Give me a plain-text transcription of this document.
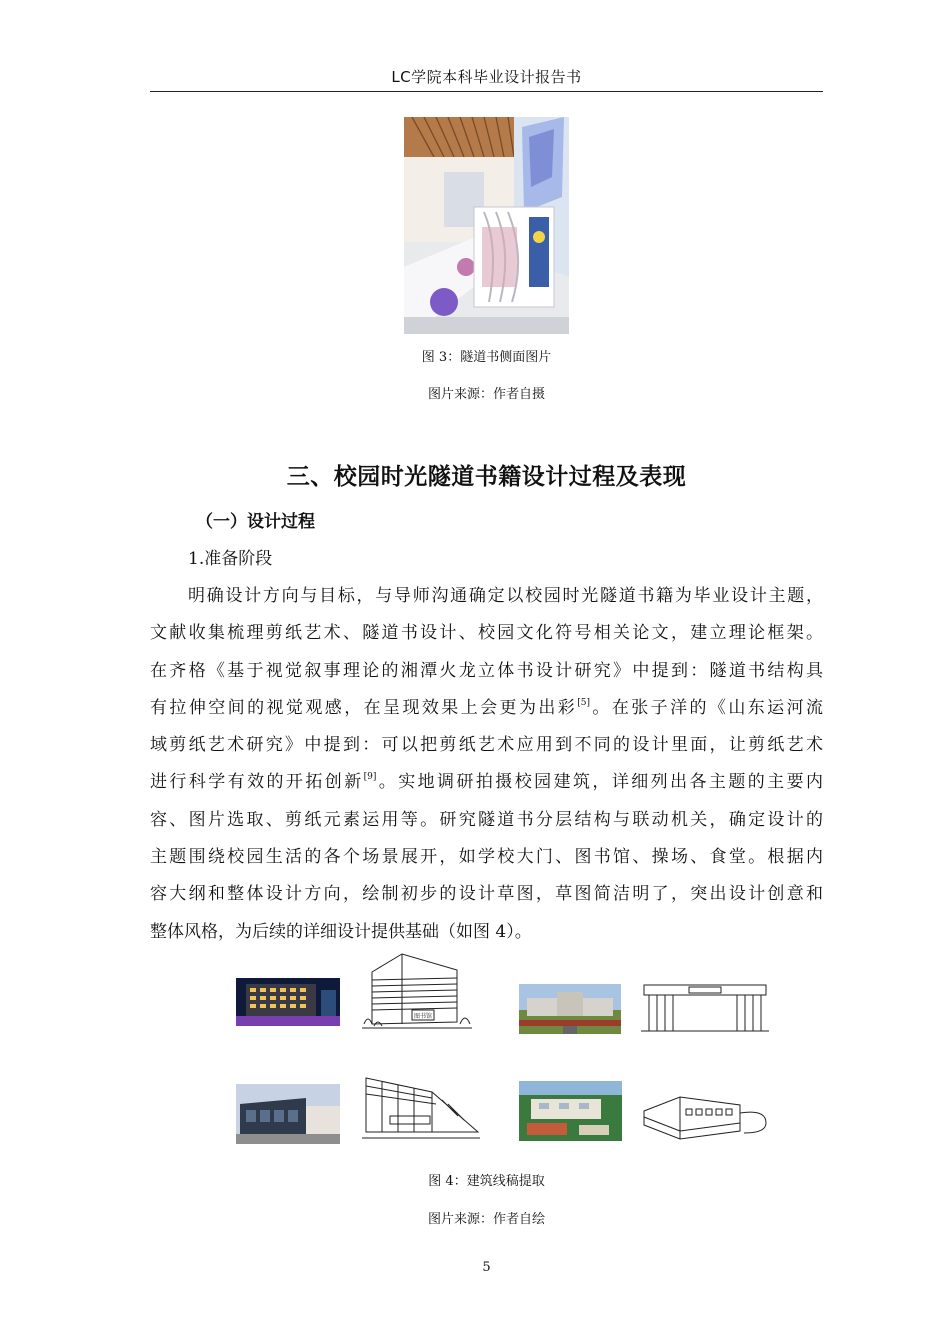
LC学院本科毕业设计报告书
图 3：隧道书侧面图片
图片来源：作者自摄
三、校园时光隧道书籍设计过程及表现
（一）设计过程
1.准备阶段
明确设计方向与目标，与导师沟通确定以校园时光隧道书籍为毕业设计主题，
文献收集梳理剪纸艺术、隧道书设计、校园文化符号相关论文，建立理论框架。
在齐格《基于视觉叙事理论的湘潭火龙立体书设计研究》中提到：隧道书结构具
有拉伸空间的视觉观感，在呈现效果上会更为出彩[5]。在张子洋的《山东运河流
域剪纸艺术研究》中提到：可以把剪纸艺术应用到不同的设计里面，让剪纸艺术
进行科学有效的开拓创新[9]。实地调研拍摄校园建筑，详细列出各主题的主要内
容、图片选取、剪纸元素运用等。研究隧道书分层结构与联动机关，确定设计的
主题围绕校园生活的各个场景展开，如学校大门、图书馆、操场、食堂。根据内
容大纲和整体设计方向，绘制初步的设计草图，草图简洁明了，突出设计创意和
整体风格，为后续的详细设计提供基础（如图 4）。
图书馆
图 4：建筑线稿提取
图片来源：作者自绘
5
